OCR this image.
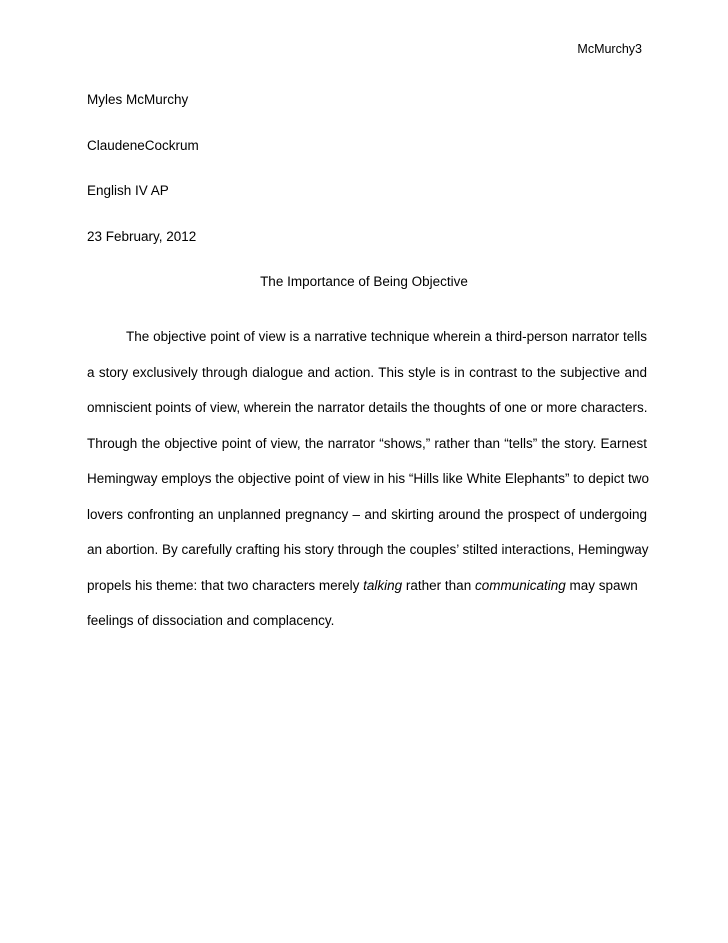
McMurchy3
Myles McMurchy
ClaudeneCockrum
English IV AP
23 February, 2012
The Importance of Being Objective
The objective point of view is a narrative technique wherein a third-person narrator tells
a story exclusively through dialogue and action. This style is in contrast to the subjective and
omniscient points of view, wherein the narrator details the thoughts of one or more characters.
Through the objective point of view, the narrator “shows,” rather than “tells” the story. Earnest
Hemingway employs the objective point of view in his “Hills like White Elephants” to depict two
lovers confronting an unplanned pregnancy – and skirting around the prospect of undergoing
an abortion. By carefully crafting his story through the couples’ stilted interactions, Hemingway
propels his theme: that two characters merely talking rather than communicating may spawn
feelings of dissociation and complacency.
